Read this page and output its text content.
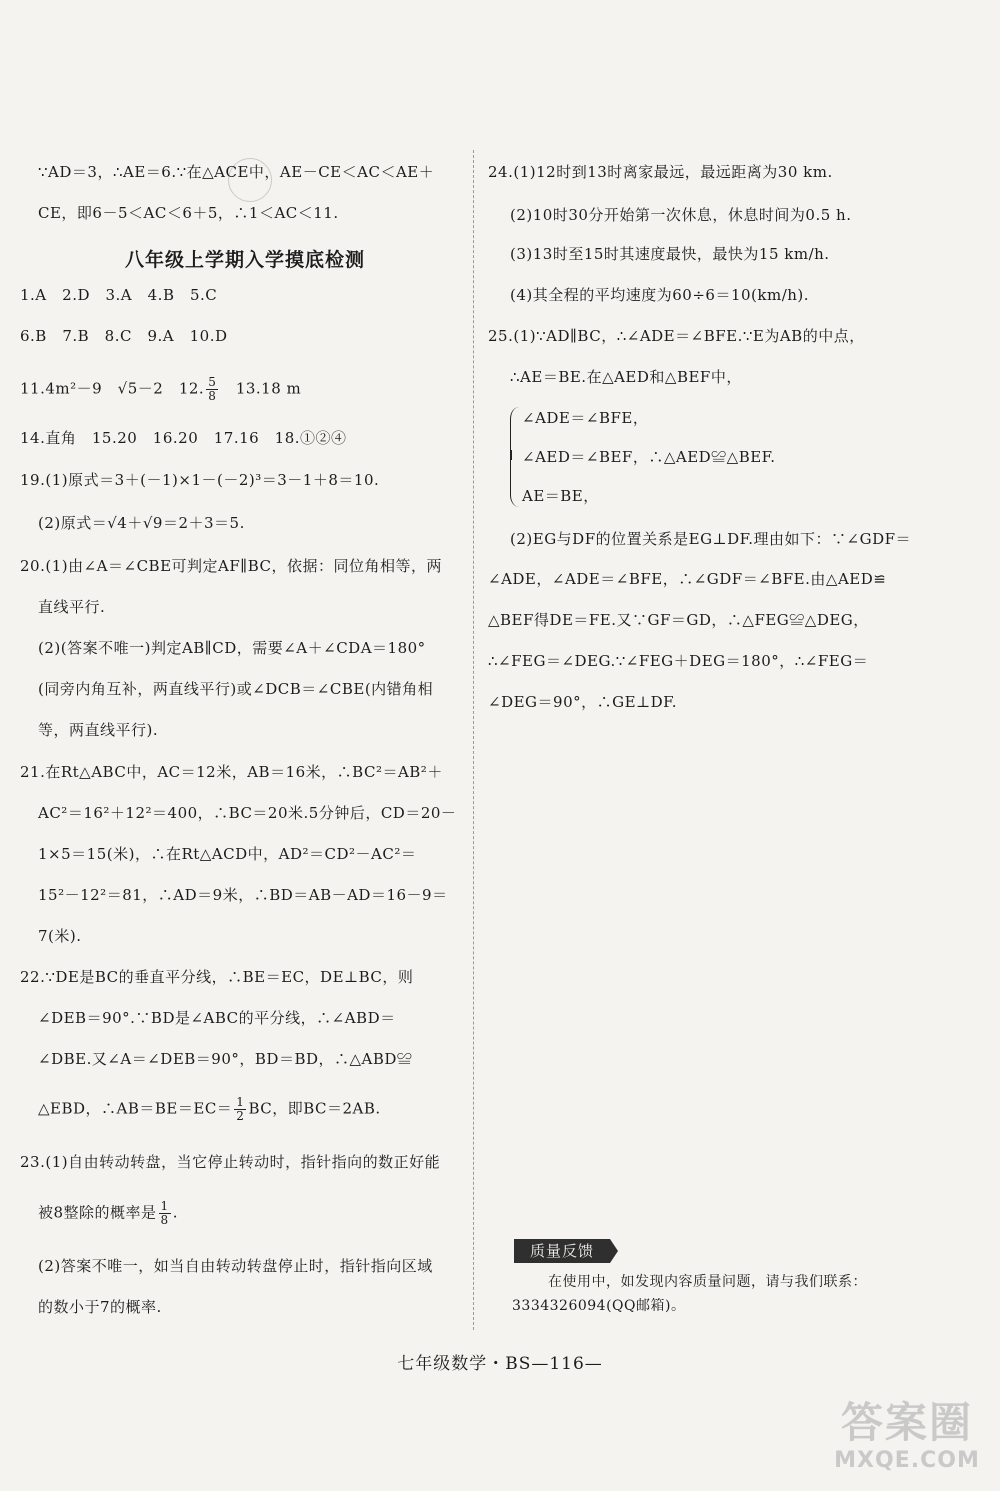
∵AD＝3，∴AE＝6.∵在△ACE中，AE－CE＜AC＜AE＋
CE，即6－5＜AC＜6＋5，∴1＜AC＜11.
八年级上学期入学摸底检测
1.A　2.D　3.A　4.B　5.C
6.B　7.B　8.C　9.A　10.D
11.4m²－9　√5－2　12. $\frac{5}{8}$ 　13.18 m
14.直角　15.20　16.20　17.16　18.①②④
19.(1)原式＝3＋(－1)×1－(－2)³＝3－1＋8＝10.
(2)原式＝√4＋√9＝2＋3＝5.
20.(1)由∠A＝∠CBE可判定AF∥BC，依据：同位角相等，两
直线平行.
(2)(答案不唯一)判定AB∥CD，需要∠A＋∠CDA＝180°
(同旁内角互补，两直线平行)或∠DCB＝∠CBE(内错角相
等，两直线平行).
21.在Rt△ABC中，AC＝12米，AB＝16米，∴BC²＝AB²＋
AC²＝16²＋12²＝400，∴BC＝20米.5分钟后，CD＝20－
1×5＝15(米)，∴在Rt△ACD中，AD²＝CD²－AC²＝
15²－12²＝81，∴AD＝9米，∴BD＝AB－AD＝16－9＝
7(米).
22.∵DE是BC的垂直平分线，∴BE＝EC，DE⊥BC，则
∠DEB＝90°.∵BD是∠ABC的平分线，∴∠ABD＝
∠DBE.又∠A＝∠DEB＝90°，BD＝BD，∴△ABD≌
△EBD，∴AB＝BE＝EC＝ $\frac{1}{2}$ BC，即BC＝2AB.
23.(1)自由转动转盘，当它停止转动时，指针指向的数正好能
被8整除的概率是 $\frac{1}{8}$ .
(2)答案不唯一，如当自由转动转盘停止时，指针指向区域
的数小于7的概率.
24.(1)12时到13时离家最远，最远距离为30 km.
(2)10时30分开始第一次休息，休息时间为0.5 h.
(3)13时至15时其速度最快，最快为15 km/h.
(4)其全程的平均速度为60÷6＝10(km/h).
25.(1)∵AD∥BC，∴∠ADE＝∠BFE.∵E为AB的中点，
∴AE＝BE.在△AED和△BEF中，
∠ADE＝∠BFE，
∠AED＝∠BEF，∴△AED≌△BEF.
AE＝BE，
(2)EG与DF的位置关系是EG⊥DF.理由如下：∵∠GDF＝
∠ADE，∠ADE＝∠BFE，∴∠GDF＝∠BFE.由△AED≌
△BEF得DE＝FE.又∵GF＝GD，∴△FEG≌△DEG，
∴∠FEG＝∠DEG.∵∠FEG＋DEG＝180°，∴∠FEG＝
∠DEG＝90°，∴GE⊥DF.
质量反馈
在使用中，如发现内容质量问题，请与我们联系：
3334326094(QQ邮箱)。
七年级数学・BS—116—
答案圈
MXQE.COM
